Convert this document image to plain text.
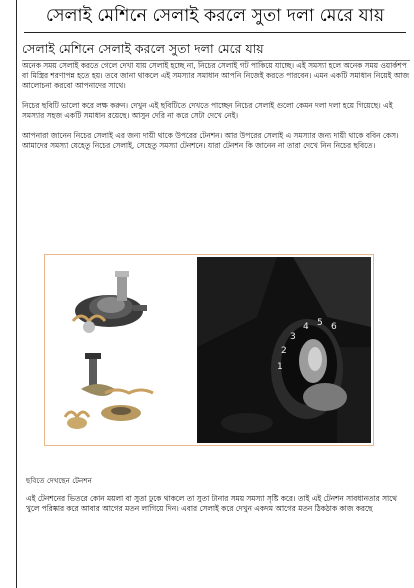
সেলাই মেশিনে সেলাই করলে সুতা দলা মেরে যায়
সেলাই মেশিনে সেলাই করলে সুতা দলা মেরে যায়

অনেক সময় সেলাই করতে গেলে দেখা যায় সেলাই হচ্ছে না, নিচের সেলাই গট পাকিয়ে যাচ্ছে। এই সমস্যা হলে অনেক সময় ওয়ার্কশপ বা মিস্ত্রির শরণাপন্ন হতে হয়। তবে জানা থাকলে এই সমস্যার সমাধান আপনি নিজেই করতে পারবেন। এমন একটি সমাধান নিয়েই আজ আলোচনা করবো আপনাদের সাথে।

নিচের ছবিটি ভালো করে লক্ষ করুন। দেখুন এই ছবিটিতে দেখতে পাচ্ছেন নিচের সেলাই গুলো কেমন দলা দলা হয়ে গিয়েছে। এই সমস্যার সহজ একটি সমাধান রয়েছে। আসুন দেরি না করে সেটা দেখে নেই।

আপনারা জানেন নিচের সেলাই এর জন্য দায়ী থাকে উপরের টেনশন। আর উপরের সেলাই এ সমস্যার জন্য দায়ী থাকে ববিন কেস। আমাদের সমস্যা যেহেতু নিচের সেলাই, সেহেতু সমস্যা টেনশনে। যারা টেনশন কি জানেন না তারা দেখে নিন নিচের ছবিতে।

1
2
3
4 5 6
ছবিতে দেখছেন টেনশন

এই টেনশনের ভিতরে কোন ময়লা বা সুতা ঢুকে থাকলে তা সুতা টানার সময় সমস্যা সৃষ্টি করে। তাই এই টেনশন সাবধানতার সাথে খুলে পরিষ্কার করে আবার আগের মতন লাগিয়ে দিন। এবার সেলাই করে দেখুন একদম আগের মতন ঠিকঠাক কাজ করছে
